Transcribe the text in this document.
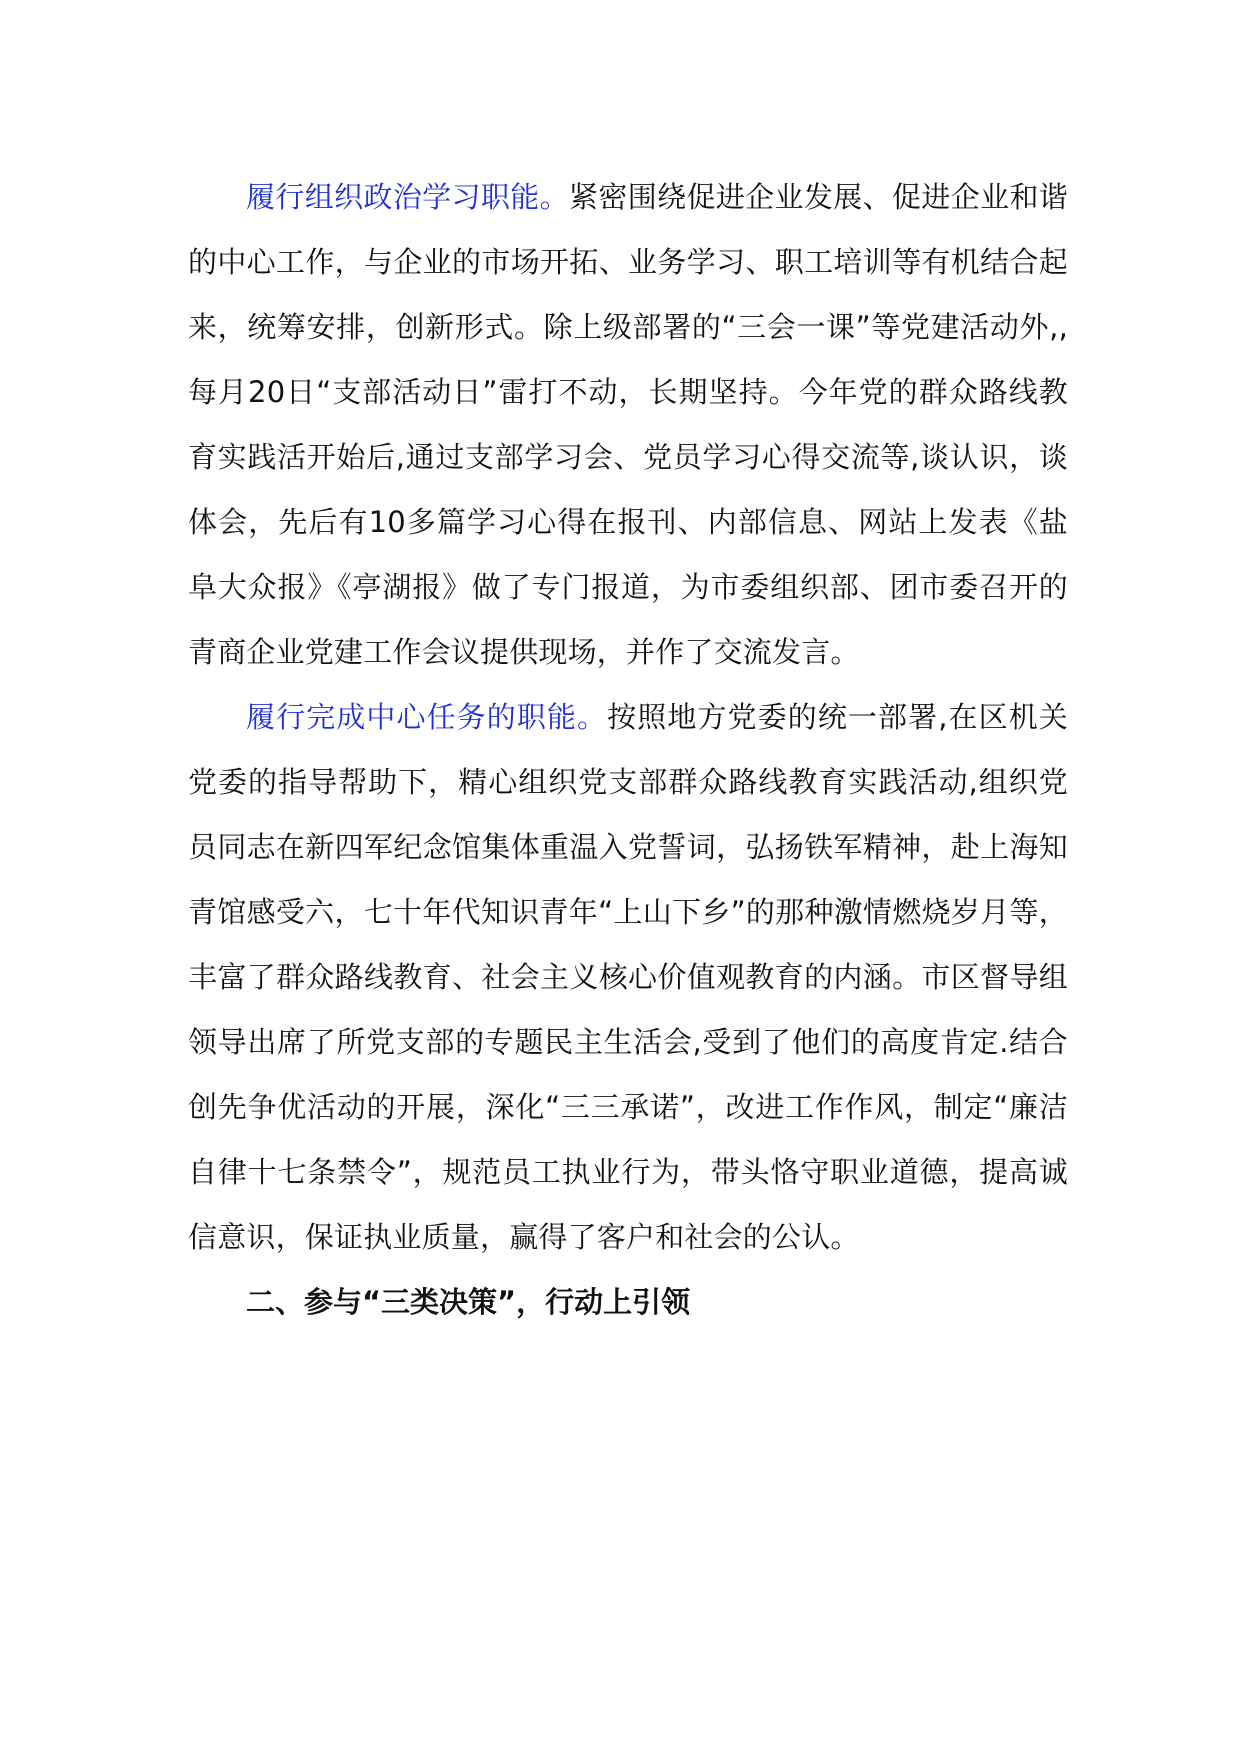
履行组织政治学习职能。紧密围绕促进企业发展、促进企业和谐的中心工作，与企业的市场开拓、业务学习、职工培训等有机结合起来，统筹安排，创新形式。除上级部署的“三会一课”等党建活动外,,每月20日“支部活动日”雷打不动，长期坚持。今年党的群众路线教育实践活开始后,通过支部学习会、党员学习心得交流等,谈认识，谈体会，先后有10多篇学习心得在报刊、内部信息、网站上发表《盐阜大众报》《亭湖报》做了专门报道，为市委组织部、团市委召开的青商企业党建工作会议提供现场，并作了交流发言。

履行完成中心任务的职能。按照地方党委的统一部署,在区机关党委的指导帮助下，精心组织党支部群众路线教育实践活动,组织党员同志在新四军纪念馆集体重温入党誓词，弘扬铁军精神，赴上海知青馆感受六，七十年代知识青年“上山下乡”的那种激情燃烧岁月等，丰富了群众路线教育、社会主义核心价值观教育的内涵。市区督导组领导出席了所党支部的专题民主生活会,受到了他们的高度肯定.结合创先争优活动的开展，深化“三三承诺”，改进工作作风，制定“廉洁自律十七条禁令”，规范员工执业行为，带头恪守职业道德，提高诚信意识，保证执业质量，赢得了客户和社会的公认。

二、参与“三类决策”，行动上引领
